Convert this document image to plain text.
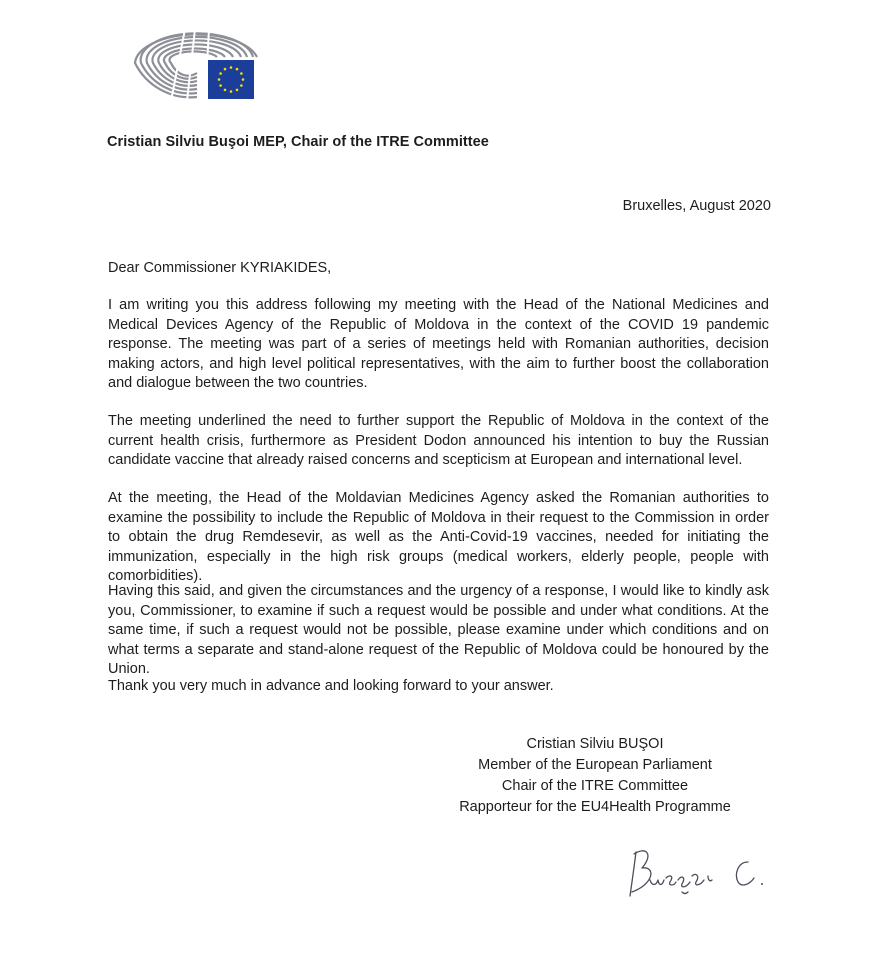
Cristian Silviu Buşoi MEP, Chair of the ITRE Committee
Bruxelles, August 2020
Dear Commissioner KYRIAKIDES,

I am writing you this address following my meeting with the Head of the National Medicines and Medical Devices Agency of the Republic of Moldova in the context of the COVID 19 pandemic response. The meeting was part of a series of meetings held with Romanian authorities, decision making actors, and high level political representatives, with the aim to further boost the collaboration and dialogue between the two countries.

The meeting underlined the need to further support the Republic of Moldova in the context of the current health crisis, furthermore as President Dodon announced his intention to buy the Russian candidate vaccine that already raised concerns and scepticism at European and international level.

At the meeting, the Head of the Moldavian Medicines Agency asked the Romanian authorities to examine the possibility to include the Republic of Moldova in their request to the Commission in order to obtain the drug Remdesevir, as well as the Anti-Covid-19 vaccines, needed for initiating the immunization, especially in the high risk groups (medical workers, elderly people, people with comorbidities).

Having this said, and given the circumstances and the urgency of a response, I would like to kindly ask you, Commissioner, to examine if such a request would be possible and under what conditions. At the same time, if such a request would not be possible, please examine under which conditions and on what terms a separate and stand-alone request of the Republic of Moldova could be honoured by the Union.

Thank you very much in advance and looking forward to your answer.
Cristian Silviu BUŞOI
Member of the European Parliament
Chair of the ITRE Committee
Rapporteur for the EU4Health Programme
